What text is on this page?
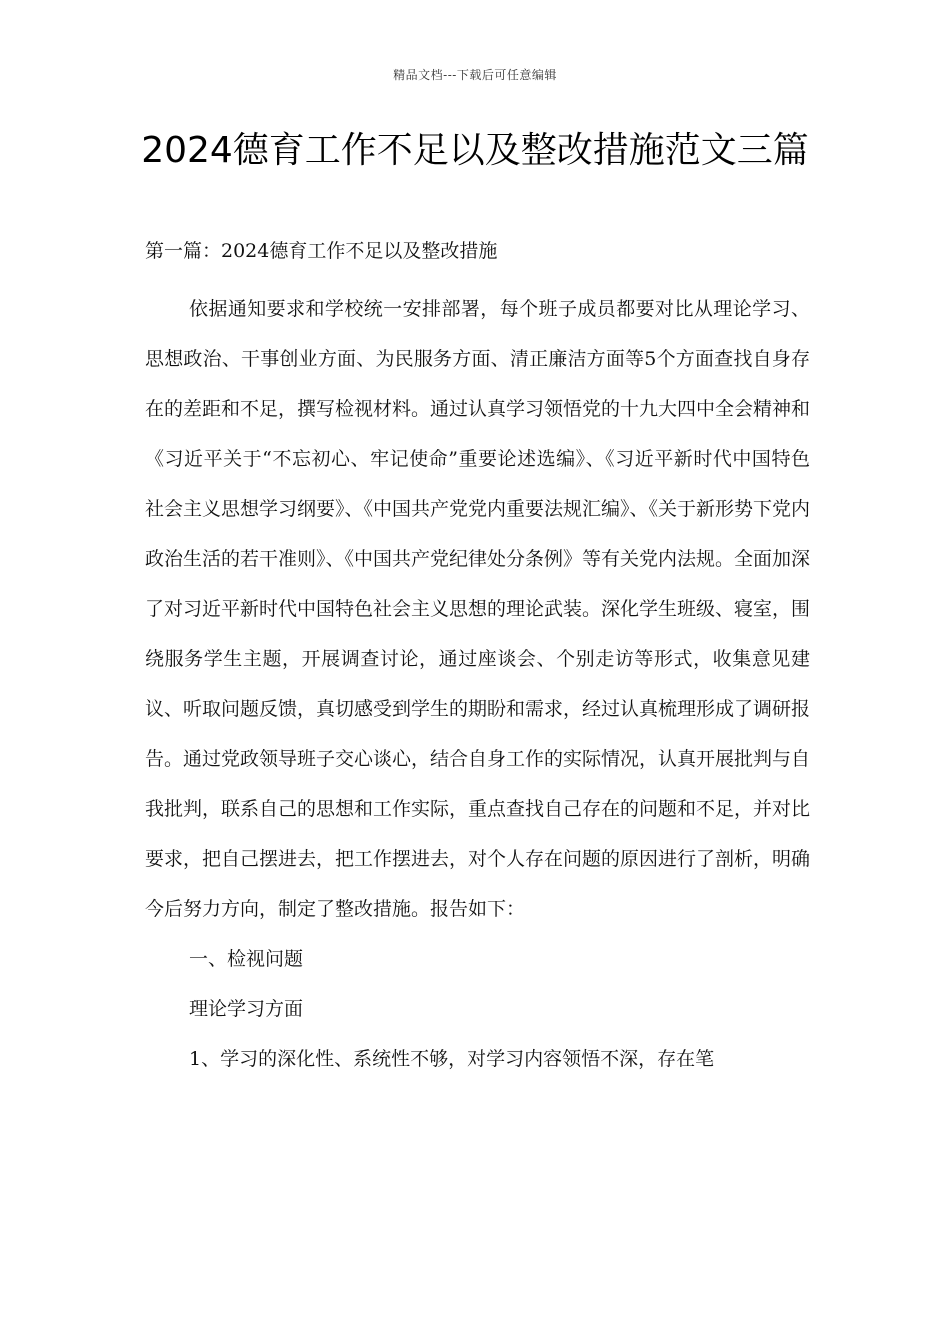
精品文档---下载后可任意编辑
2024德育工作不足以及整改措施范文三篇
第一篇：2024德育工作不足以及整改措施

依据通知要求和学校统一安排部署，每个班子成员都要对比从理论学习、思想政治、干事创业方面、为民服务方面、清正廉洁方面等5个方面查找自身存在的差距和不足，撰写检视材料。通过认真学习领悟党的十九大四中全会精神和《习近平关于“不忘初心、牢记使命”重要论述选编》、《习近平新时代中国特色社会主义思想学习纲要》、《中国共产党党内重要法规汇编》、《关于新形势下党内政治生活的若干准则》、《中国共产党纪律处分条例》等有关党内法规。全面加深了对习近平新时代中国特色社会主义思想的理论武装。深化学生班级、寝室，围绕服务学生主题，开展调查讨论，通过座谈会、个别走访等形式，收集意见建议、听取问题反馈，真切感受到学生的期盼和需求，经过认真梳理形成了调研报告。通过党政领导班子交心谈心，结合自身工作的实际情况，认真开展批判与自我批判，联系自己的思想和工作实际，重点查找自己存在的问题和不足，并对比要求，把自己摆进去，把工作摆进去，对个人存在问题的原因进行了剖析，明确今后努力方向，制定了整改措施。报告如下：

一、检视问题

理论学习方面

1、学习的深化性、系统性不够，对学习内容领悟不深，存在笔
